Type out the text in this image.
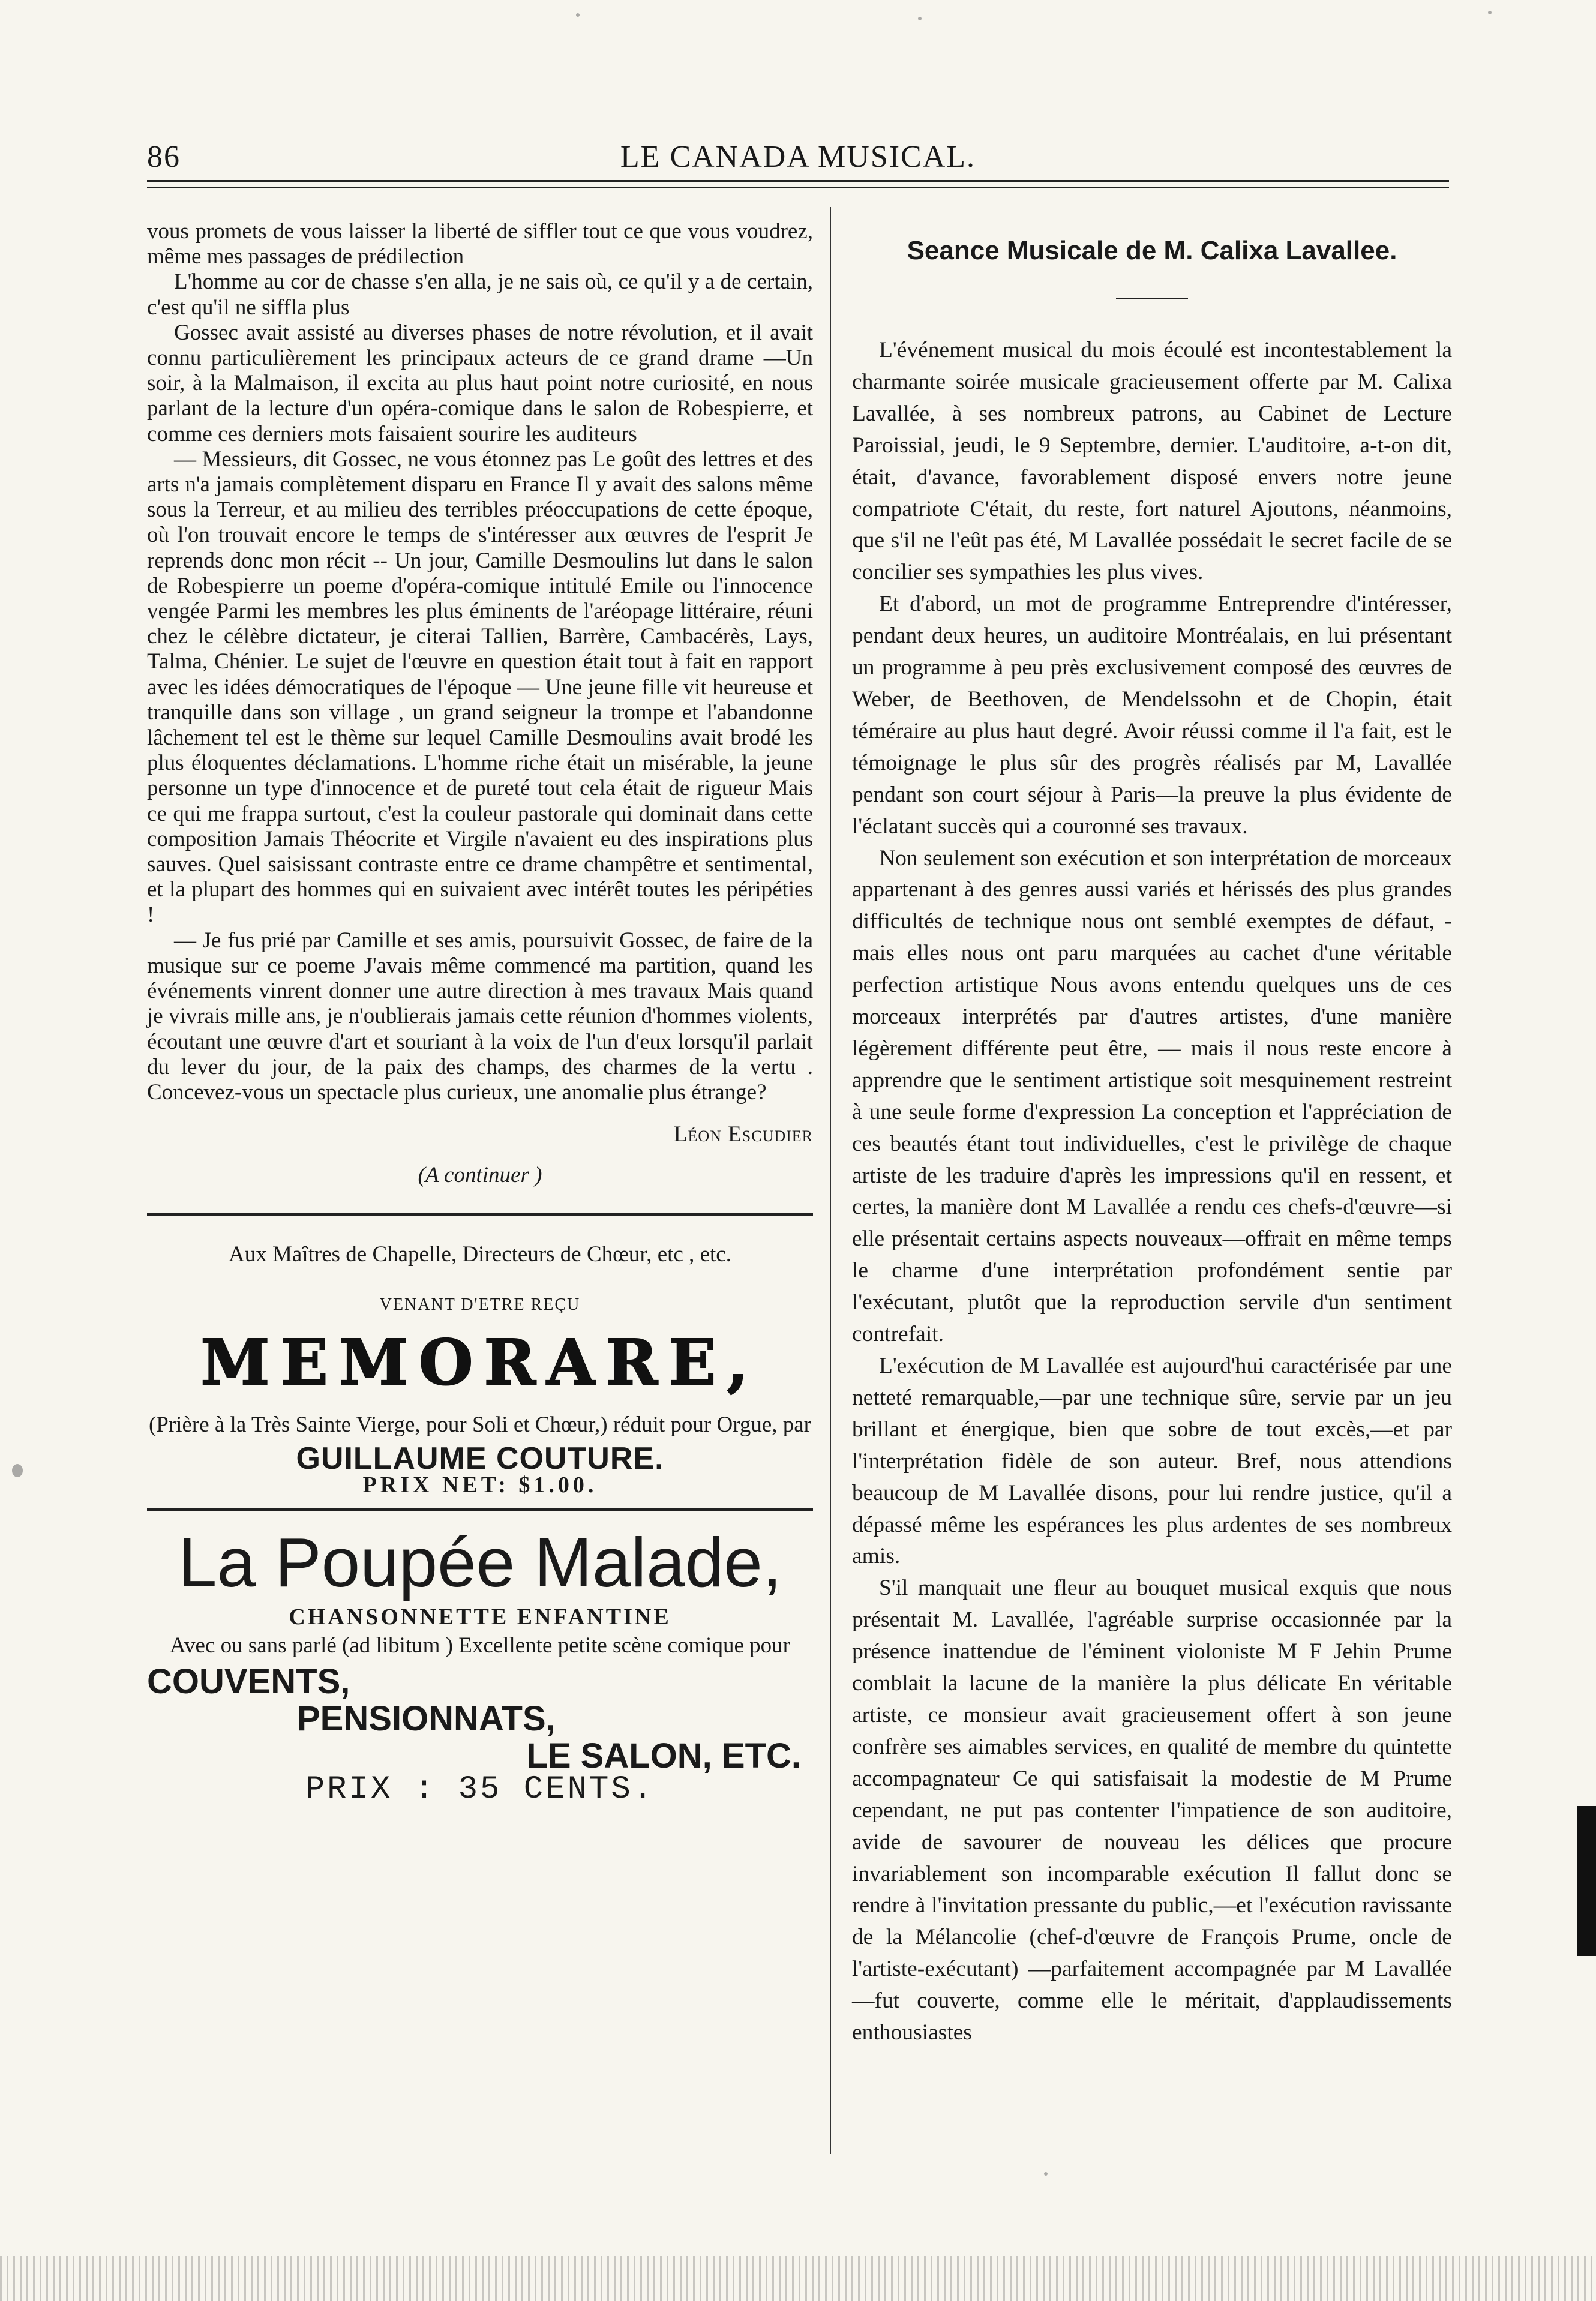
86	LE CANADA MUSICAL.

vous promets de vous laisser la liberté de siffler tout ce que vous voudrez, même mes passages de prédilection

L'homme au cor de chasse s'en alla, je ne sais où, ce qu'il y a de certain, c'est qu'il ne siffla plus

Gossec avait assisté au diverses phases de notre révolution, et il avait connu particulièrement les principaux acteurs de ce grand drame —Un soir, à la Malmaison, il excita au plus haut point notre curiosité, en nous parlant de la lecture d'un opéra-comique dans le salon de Robespierre, et comme ces derniers mots faisaient sourire les auditeurs

— Messieurs, dit Gossec, ne vous étonnez pas Le goût des lettres et des arts n'a jamais complètement disparu en France Il y avait des salons même sous la Terreur, et au milieu des terribles préoccupations de cette époque, où l'on trouvait encore le temps de s'intéresser aux œuvres de l'esprit Je reprends donc mon récit -- Un jour, Camille Desmoulins lut dans le salon de Robespierre un poeme d'opéra-comique intitulé Emile ou l'innocence vengée Parmi les membres les plus éminents de l'aréopage littéraire, réuni chez le célèbre dictateur, je citerai Tallien, Barrère, Cambacérès, Lays, Talma, Chénier. Le sujet de l'œuvre en question était tout à fait en rapport avec les idées démocratiques de l'époque — Une jeune fille vit heureuse et tranquille dans son village , un grand seigneur la trompe et l'abandonne lâchement tel est le thème sur lequel Camille Desmoulins avait brodé les plus éloquentes déclamations. L'homme riche était un misérable, la jeune personne un type d'innocence et de pureté tout cela était de rigueur Mais ce qui me frappa surtout, c'est la couleur pastorale qui dominait dans cette composition Jamais Théocrite et Virgile n'avaient eu des inspirations plus sauves. Quel saisissant contraste entre ce drame champêtre et sentimental, et la plupart des hommes qui en suivaient avec intérêt toutes les péripéties !

— Je fus prié par Camille et ses amis, poursuivit Gossec, de faire de la musique sur ce poeme J'avais même commencé ma partition, quand les événements vinrent donner une autre direction à mes travaux Mais quand je vivrais mille ans, je n'oublierais jamais cette réunion d'hommes violents, écoutant une œuvre d'art et souriant à la voix de l'un d'eux lorsqu'il parlait du lever du jour, de la paix des champs, des charmes de la vertu . Concevez-vous un spectacle plus curieux, une anomalie plus étrange?

Léon Escudier

(A continuer )

Aux Maîtres de Chapelle, Directeurs de Chœur, etc , etc.

VENANT D'ETRE REÇU

MEMORARE,

(Prière à la Très Sainte Vierge, pour Soli et Chœur,) réduit pour Orgue, par

GUILLAUME COUTURE.

PRIX NET: $1.00.

La Poupée Malade,

CHANSONNETTE ENFANTINE

Avec ou sans parlé (ad libitum ) Excellente petite scène comique pour

COUVENTS,
PENSIONNATS,
LE SALON, ETC.

PRIX : 35 CENTS.

Seance Musicale de M. Calixa Lavallee.

L'événement musical du mois écoulé est incontestablement la charmante soirée musicale gracieusement offerte par M. Calixa Lavallée, à ses nombreux patrons, au Cabinet de Lecture Paroissial, jeudi, le 9 Septembre, dernier. L'auditoire, a-t-on dit, était, d'avance, favorablement disposé envers notre jeune compatriote C'était, du reste, fort naturel Ajoutons, néanmoins, que s'il ne l'eût pas été, M Lavallée possédait le secret facile de se concilier ses sympathies les plus vives.

Et d'abord, un mot de programme Entreprendre d'intéresser, pendant deux heures, un auditoire Montréalais, en lui présentant un programme à peu près exclusivement composé des œuvres de Weber, de Beethoven, de Mendelssohn et de Chopin, était téméraire au plus haut degré. Avoir réussi comme il l'a fait, est le témoignage le plus sûr des progrès réalisés par M, Lavallée pendant son court séjour à Paris—la preuve la plus évidente de l'éclatant succès qui a couronné ses travaux.

Non seulement son exécution et son interprétation de morceaux appartenant à des genres aussi variés et hérissés des plus grandes difficultés de technique nous ont semblé exemptes de défaut, - mais elles nous ont paru marquées au cachet d'une véritable perfection artistique Nous avons entendu quelques uns de ces morceaux interprétés par d'autres artistes, d'une manière légèrement différente peut être, — mais il nous reste encore à apprendre que le sentiment artistique soit mesquinement restreint à une seule forme d'expression La conception et l'appréciation de ces beautés étant tout individuelles, c'est le privilège de chaque artiste de les traduire d'après les impressions qu'il en ressent, et certes, la manière dont M Lavallée a rendu ces chefs-d'œuvre—si elle présentait certains aspects nouveaux—offrait en même temps le charme d'une interprétation profondément sentie par l'exécutant, plutôt que la reproduction servile d'un sentiment contrefait.

L'exécution de M Lavallée est aujourd'hui caractérisée par une netteté remarquable,—par une technique sûre, servie par un jeu brillant et énergique, bien que sobre de tout excès,—et par l'interprétation fidèle de son auteur. Bref, nous attendions beaucoup de M Lavallée disons, pour lui rendre justice, qu'il a dépassé même les espérances les plus ardentes de ses nombreux amis.

S'il manquait une fleur au bouquet musical exquis que nous présentait M. Lavallée, l'agréable surprise occasionnée par la présence inattendue de l'éminent violoniste M F Jehin Prume comblait la lacune de la manière la plus délicate En véritable artiste, ce monsieur avait gracieusement offert à son jeune confrère ses aimables services, en qualité de membre du quintette accompagnateur Ce qui satisfaisait la modestie de M Prume cependant, ne put pas contenter l'impatience de son auditoire, avide de savourer de nouveau les délices que procure invariablement son incomparable exécution Il fallut donc se rendre à l'invitation pressante du public,—et l'exécution ravissante de la Mélancolie (chef-d'œuvre de François Prume, oncle de l'artiste-exécutant) —parfaitement accompagnée par M Lavallée—fut couverte, comme elle le méritait, d'applaudissements enthousiastes
